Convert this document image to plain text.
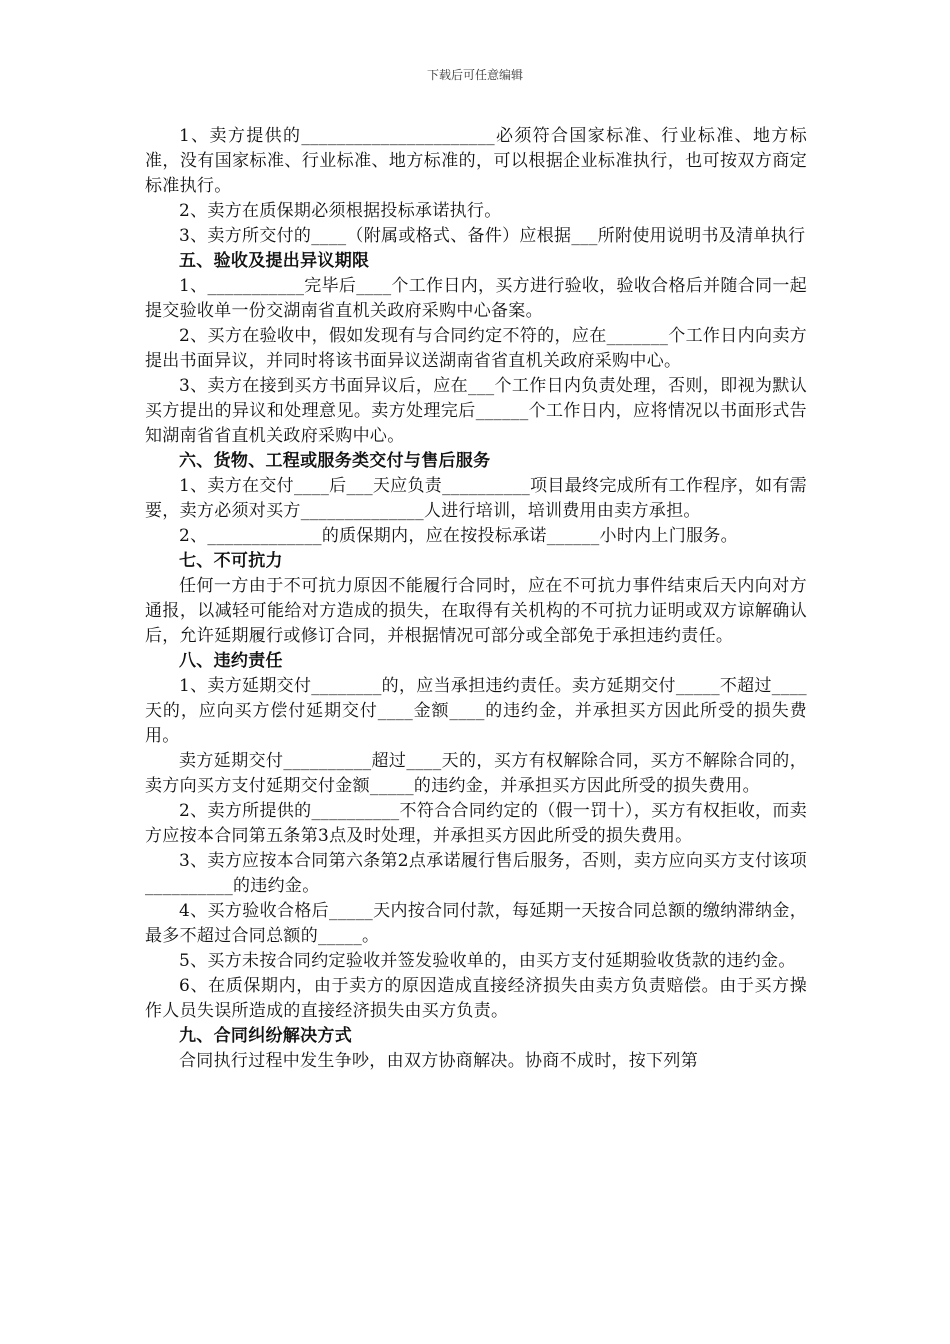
下载后可任意编辑

1、卖方提供的______________________必须符合国家标准、行业标准、地方标准，没有国家标准、行业标准、地方标准的，可以根据企业标准执行，也可按双方商定标准执行。

2、卖方在质保期必须根据投标承诺执行。

3、卖方所交付的____（附属或格式、备件）应根据___所附使用说明书及清单执行

五、验收及提出异议期限

1、___________完毕后____个工作日内，买方进行验收，验收合格后并随合同一起提交验收单一份交湖南省直机关政府采购中心备案。

2、买方在验收中，假如发现有与合同约定不符的，应在_______个工作日内向卖方提出书面异议，并同时将该书面异议送湖南省省直机关政府采购中心。

3、卖方在接到买方书面异议后，应在___个工作日内负责处理，否则，即视为默认买方提出的异议和处理意见。卖方处理完后______个工作日内，应将情况以书面形式告知湖南省省直机关政府采购中心。

六、货物、工程或服务类交付与售后服务

1、卖方在交付____后___天应负责__________项目最终完成所有工作程序，如有需要，卖方必须对买方______________人进行培训，培训费用由卖方承担。

2、_____________的质保期内，应在按投标承诺______小时内上门服务。

七、不可抗力

任何一方由于不可抗力原因不能履行合同时，应在不可抗力事件结束后天内向对方通报，以减轻可能给对方造成的损失，在取得有关机构的不可抗力证明或双方谅解确认后，允许延期履行或修订合同，并根据情况可部分或全部免于承担违约责任。

八、违约责任

1、卖方延期交付________的，应当承担违约责任。卖方延期交付_____不超过____天的，应向买方偿付延期交付____金额____的违约金，并承担买方因此所受的损失费用。

卖方延期交付__________超过____天的，买方有权解除合同，买方不解除合同的，卖方向买方支付延期交付金额_____的违约金，并承担买方因此所受的损失费用。

2、卖方所提供的__________不符合合同约定的（假一罚十），买方有权拒收，而卖方应按本合同第五条第3点及时处理，并承担买方因此所受的损失费用。

3、卖方应按本合同第六条第2点承诺履行售后服务，否则，卖方应向买方支付该项__________的违约金。

4、买方验收合格后_____天内按合同付款，每延期一天按合同总额的缴纳滞纳金，最多不超过合同总额的_____。

5、买方未按合同约定验收并签发验收单的，由买方支付延期验收货款的违约金。

6、在质保期内，由于卖方的原因造成直接经济损失由卖方负责赔偿。由于买方操作人员失误所造成的直接经济损失由买方负责。

九、合同纠纷解决方式

合同执行过程中发生争吵，由双方协商解决。协商不成时，按下列第
